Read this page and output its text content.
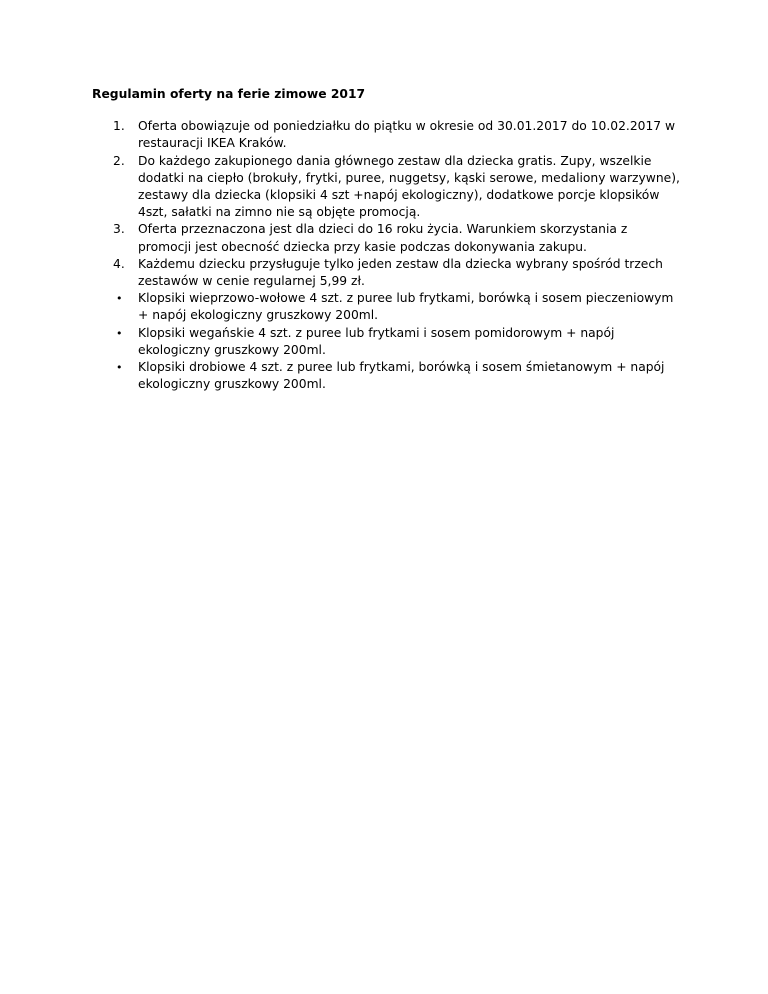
Regulamin oferty na ferie zimowe 2017
1. Oferta obowiązuje od poniedziałku do piątku w okresie od 30.01.2017 do 10.02.2017 w restauracji IKEA Kraków.
2. Do każdego zakupionego dania głównego zestaw dla dziecka gratis. Zupy, wszelkie dodatki na ciepło (brokuły, frytki, puree, nuggetsy, kąski serowe, medaliony warzywne), zestawy dla dziecka (klopsiki 4 szt +napój ekologiczny), dodatkowe porcje klopsików 4szt, sałatki na zimno nie są objęte promocją.
3. Oferta przeznaczona jest dla dzieci do 16 roku życia. Warunkiem skorzystania z promocji jest obecność dziecka przy kasie podczas dokonywania zakupu.
4. Każdemu dziecku przysługuje tylko jeden zestaw dla dziecka wybrany spośród trzech zestawów w cenie regularnej 5,99 zł.
• Klopsiki wieprzowo-wołowe 4 szt. z puree lub frytkami, borówką i sosem pieczeniowym + napój ekologiczny gruszkowy 200ml.
• Klopsiki wegańskie 4 szt. z puree lub frytkami i sosem pomidorowym + napój ekologiczny gruszkowy 200ml.
• Klopsiki drobiowe 4 szt. z puree lub frytkami, borówką i sosem śmietanowym + napój ekologiczny gruszkowy 200ml.
